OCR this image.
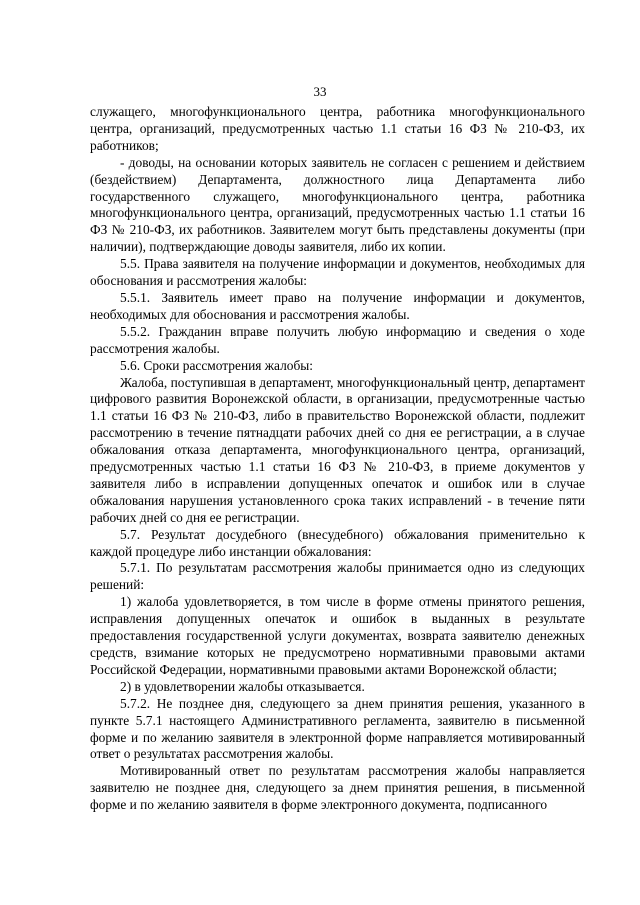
33

служащего, многофункционального центра, работника многофункционального центра, организаций, предусмотренных частью 1.1 статьи 16 ФЗ № 210-ФЗ, их работников;

- доводы, на основании которых заявитель не согласен с решением и действием (бездействием) Департамента, должностного лица Департамента либо государственного служащего, многофункционального центра, работника многофункционального центра, организаций, предусмотренных частью 1.1 статьи 16 ФЗ № 210-ФЗ, их работников. Заявителем могут быть представлены документы (при наличии), подтверждающие доводы заявителя, либо их копии.

5.5. Права заявителя на получение информации и документов, необходимых для обоснования и рассмотрения жалобы:

5.5.1. Заявитель имеет право на получение информации и документов, необходимых для обоснования и рассмотрения жалобы.

5.5.2. Гражданин вправе получить любую информацию и сведения о ходе рассмотрения жалобы.

5.6. Сроки рассмотрения жалобы:

Жалоба, поступившая в департамент, многофункциональный центр, департамент цифрового развития Воронежской области, в организации, предусмотренные частью 1.1 статьи 16 ФЗ № 210-ФЗ, либо в правительство Воронежской области, подлежит рассмотрению в течение пятнадцати рабочих дней со дня ее регистрации, а в случае обжалования отказа департамента, многофункционального центра, организаций, предусмотренных частью 1.1 статьи 16 ФЗ № 210-ФЗ, в приеме документов у заявителя либо в исправлении допущенных опечаток и ошибок или в случае обжалования нарушения установленного срока таких исправлений - в течение пяти рабочих дней со дня ее регистрации.

5.7. Результат досудебного (внесудебного) обжалования применительно к каждой процедуре либо инстанции обжалования:

5.7.1. По результатам рассмотрения жалобы принимается одно из следующих решений:

1) жалоба удовлетворяется, в том числе в форме отмены принятого решения, исправления допущенных опечаток и ошибок в выданных в результате предоставления государственной услуги документах, возврата заявителю денежных средств, взимание которых не предусмотрено нормативными правовыми актами Российской Федерации, нормативными правовыми актами Воронежской области;

2) в удовлетворении жалобы отказывается.

5.7.2. Не позднее дня, следующего за днем принятия решения, указанного в пункте 5.7.1 настоящего Административного регламента, заявителю в письменной форме и по желанию заявителя в электронной форме направляется мотивированный ответ о результатах рассмотрения жалобы.

Мотивированный ответ по результатам рассмотрения жалобы направляется заявителю не позднее дня, следующего за днем принятия решения, в письменной форме и по желанию заявителя в форме электронного документа, подписанного
